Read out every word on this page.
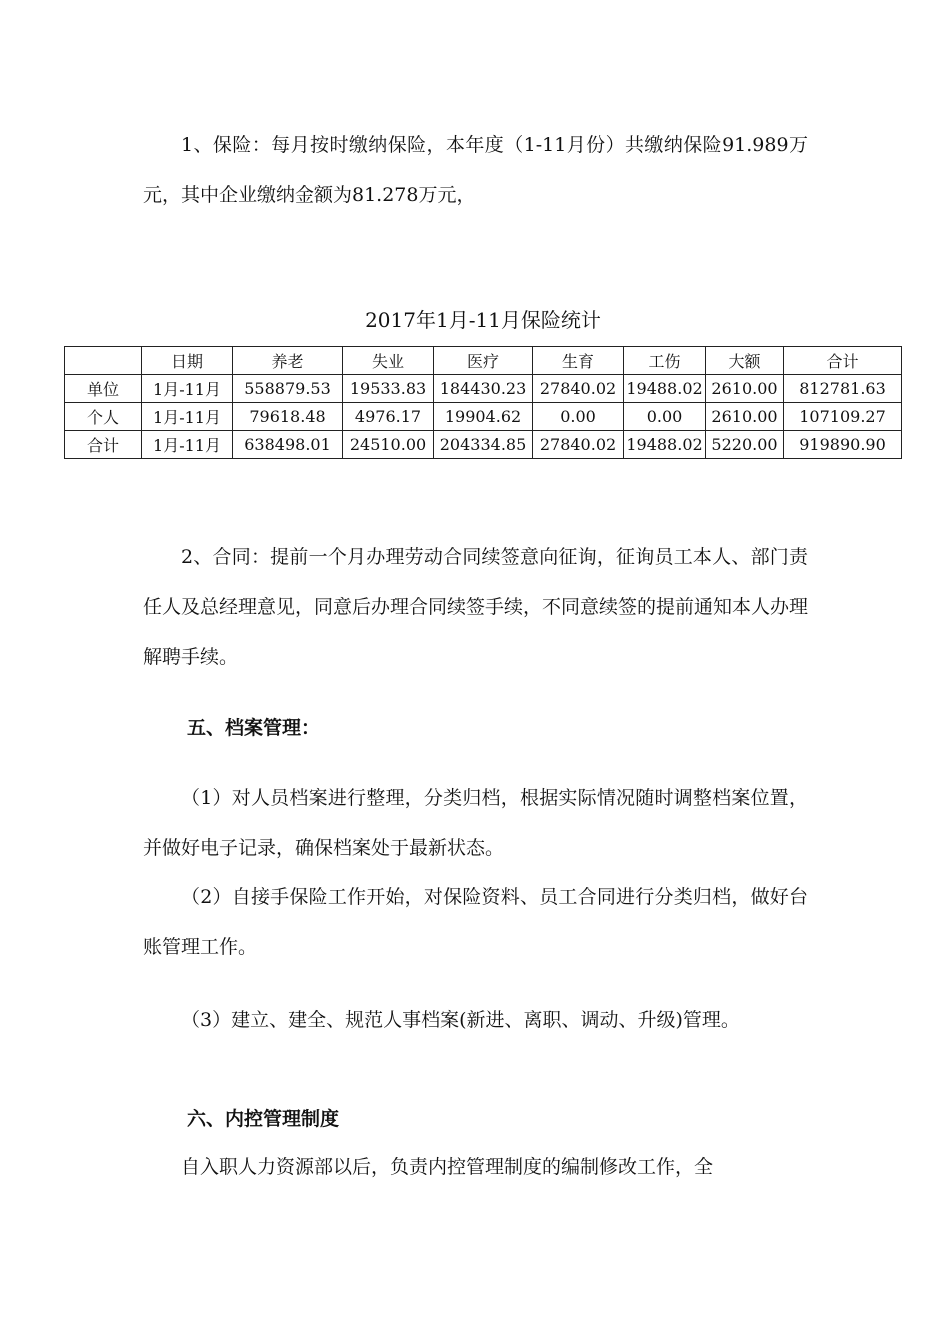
1、保险：每月按时缴纳保险，本年度（1-11月份）共缴纳保险91.989万元，其中企业缴纳金额为81.278万元，

2017年1月-11月保险统计
	日期	养老	失业	医疗	生育	工伤	大额	合计
单位	1月-11月	558879.53	19533.83	184430.23	27840.02	19488.02	2610.00	812781.63
个人	1月-11月	79618.48	4976.17	19904.62	0.00	0.00	2610.00	107109.27
合计	1月-11月	638498.01	24510.00	204334.85	27840.02	19488.02	5220.00	919890.90

2、合同：提前一个月办理劳动合同续签意向征询，征询员工本人、部门责任人及总经理意见，同意后办理合同续签手续，不同意续签的提前通知本人办理解聘手续。

五、档案管理：

（1）对人员档案进行整理，分类归档，根据实际情况随时调整档案位置，并做好电子记录，确保档案处于最新状态。

（2）自接手保险工作开始，对保险资料、员工合同进行分类归档，做好台账管理工作。

（3）建立、建全、规范人事档案(新进、离职、调动、升级)管理。

六、内控管理制度

自入职人力资源部以后，负责内控管理制度的编制修改工作，全
